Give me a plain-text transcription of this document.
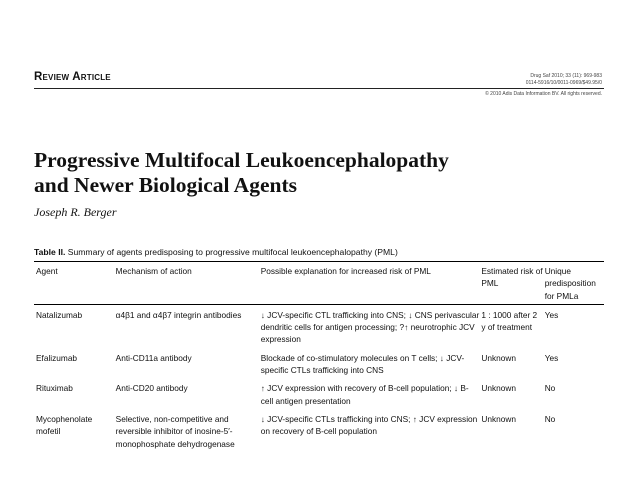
Review Article	Drug Saf 2010; 33 (11): 969-983
0114-5916/10/0011-0969/$49.95/0
© 2010 Adis Data Information BV. All rights reserved.
Progressive Multifocal Leukoencephalopathy
and Newer Biological Agents
Joseph R. Berger
Table II. Summary of agents predisposing to progressive multifocal leukoencephalopathy (PML)
Agent	Mechanism of action	Possible explanation for increased risk of PML	Estimated risk of PML	Unique predisposition for PMLa
Natalizumab	α4β1 and α4β7 integrin antibodies	↓ JCV-specific CTL trafficking into CNS; ↓ CNS perivascular dendritic cells for antigen processing; ?↑ neurotrophic JCV expression	1 : 1000 after 2 y of treatment	Yes
Efalizumab	Anti-CD11a antibody	Blockade of co-stimulatory molecules on T cells; ↓ JCV-specific CTLs trafficking into CNS	Unknown	Yes
Rituximab	Anti-CD20 antibody	↑ JCV expression with recovery of B-cell population; ↓ B-cell antigen presentation	Unknown	No
Mycophenolate mofetil	Selective, non-competitive and reversible inhibitor of inosine-5′-monophosphate dehydrogenase	↓ JCV-specific CTLs trafficking into CNS; ↑ JCV expression on recovery of B-cell population	Unknown	No
